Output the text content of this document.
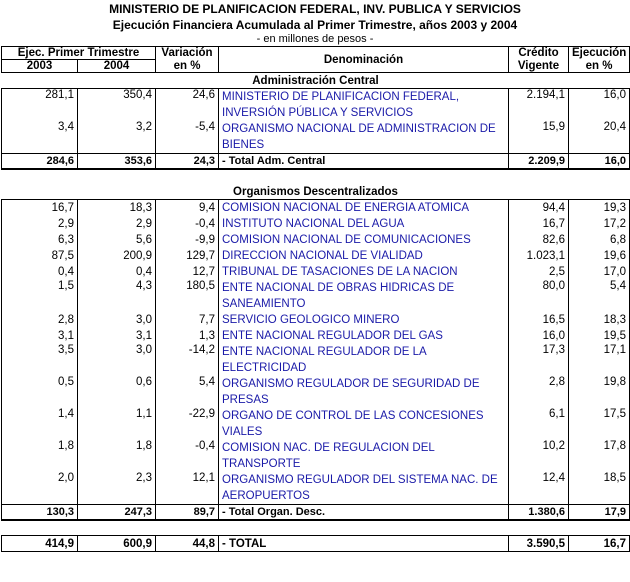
MINISTERIO DE PLANIFICACION FEDERAL, INV. PUBLICA Y SERVICIOS
Ejecución Financiera Acumulada al Primer Trimestre, años 2003 y 2004
- en millones de pesos -
Ejec. Primer Trimestre		Variación	Denominación	Crédito	Ejecución
2003	2004	en %		Vigente	en %
Administración Central					
281,1	350,4	24,6	MINISTERIO DE PLANIFICACION FEDERAL, INVERSIÓN PÚBLICA Y SERVICIOS	2.194,1	16,0
3,4	3,2	-5,4	ORGANISMO NACIONAL DE ADMINISTRACION DE BIENES	15,9	20,4
284,6	353,6	24,3	- Total Adm. Central	2.209,9	16,0

Organismos Descentralizados					
16,7	18,3	9,4	COMISION NACIONAL DE ENERGIA ATOMICA	94,4	19,3
2,9	2,9	-0,4	INSTITUTO NACIONAL DEL AGUA	16,7	17,2
6,3	5,6	-9,9	COMISION NACIONAL DE COMUNICACIONES	82,6	6,8
87,5	200,9	129,7	DIRECCION NACIONAL DE VIALIDAD	1.023,1	19,6
0,4	0,4	12,7	TRIBUNAL DE TASACIONES DE LA NACION	2,5	17,0
1,5	4,3	180,5	ENTE NACIONAL DE OBRAS HIDRICAS DE SANEAMIENTO	80,0	5,4
2,8	3,0	7,7	SERVICIO GEOLOGICO MINERO	16,5	18,3
3,1	3,1	1,3	ENTE NACIONAL REGULADOR DEL GAS	16,0	19,5
3,5	3,0	-14,2	ENTE NACIONAL REGULADOR DE LA ELECTRICIDAD	17,3	17,1
0,5	0,6	5,4	ORGANISMO REGULADOR DE SEGURIDAD DE PRESAS	2,8	19,8
1,4	1,1	-22,9	ORGANO DE CONTROL DE LAS CONCESIONES VIALES	6,1	17,5
1,8	1,8	-0,4	COMISION NAC. DE REGULACION DEL TRANSPORTE	10,2	17,8
2,0	2,3	12,1	ORGANISMO REGULADOR DEL SISTEMA NAC. DE AEROPUERTOS	12,4	18,5
130,3	247,3	89,7	- Total Organ. Desc.	1.380,6	17,9

414,9	600,9	44,8	- TOTAL	3.590,5	16,7
